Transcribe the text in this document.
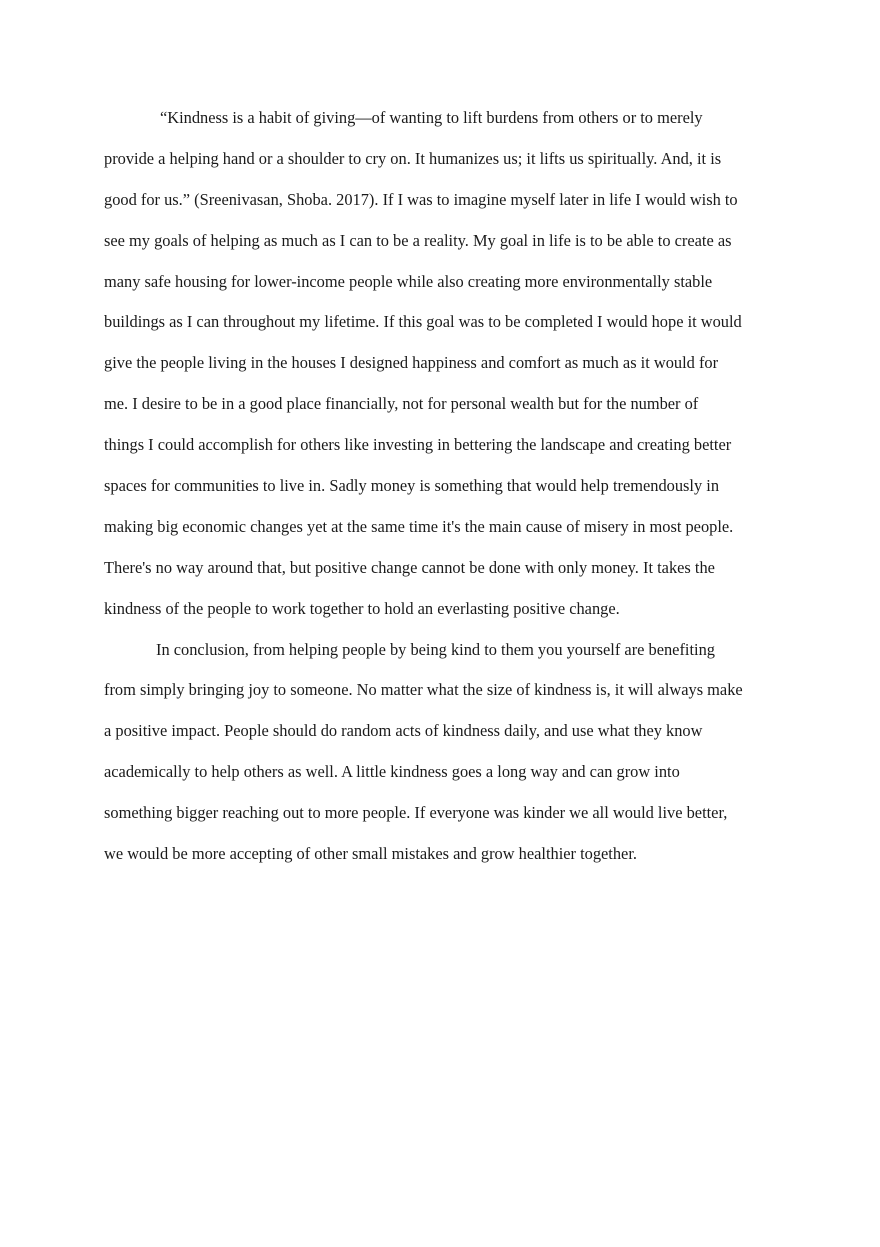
“Kindness is a habit of giving—of wanting to lift burdens from others or to merely
provide a helping hand or a shoulder to cry on. It humanizes us; it lifts us spiritually. And, it is
good for us.” (Sreenivasan, Shoba. 2017). If I was to imagine myself later in life I would wish to
see my goals of helping as much as I can to be a reality. My goal in life is to be able to create as
many safe housing for lower-income people while also creating more environmentally stable
buildings as I can throughout my lifetime. If this goal was to be completed I would hope it would
give the people living in the houses I designed happiness and comfort as much as it would for
me. I desire to be in a good place financially, not for personal wealth but for the number of
things I could accomplish for others like investing in bettering the landscape and creating better
spaces for communities to live in. Sadly money is something that would help tremendously in
making big economic changes yet at the same time it's the main cause of misery in most people.
There's no way around that, but positive change cannot be done with only money. It takes the
kindness of the people to work together to hold an everlasting positive change.
In conclusion, from helping people by being kind to them you yourself are benefiting
from simply bringing joy to someone. No matter what the size of kindness is, it will always make
a positive impact. People should do random acts of kindness daily, and use what they know
academically to help others as well. A little kindness goes a long way and can grow into
something bigger reaching out to more people. If everyone was kinder we all would live better,
we would be more accepting of other small mistakes and grow healthier together.
